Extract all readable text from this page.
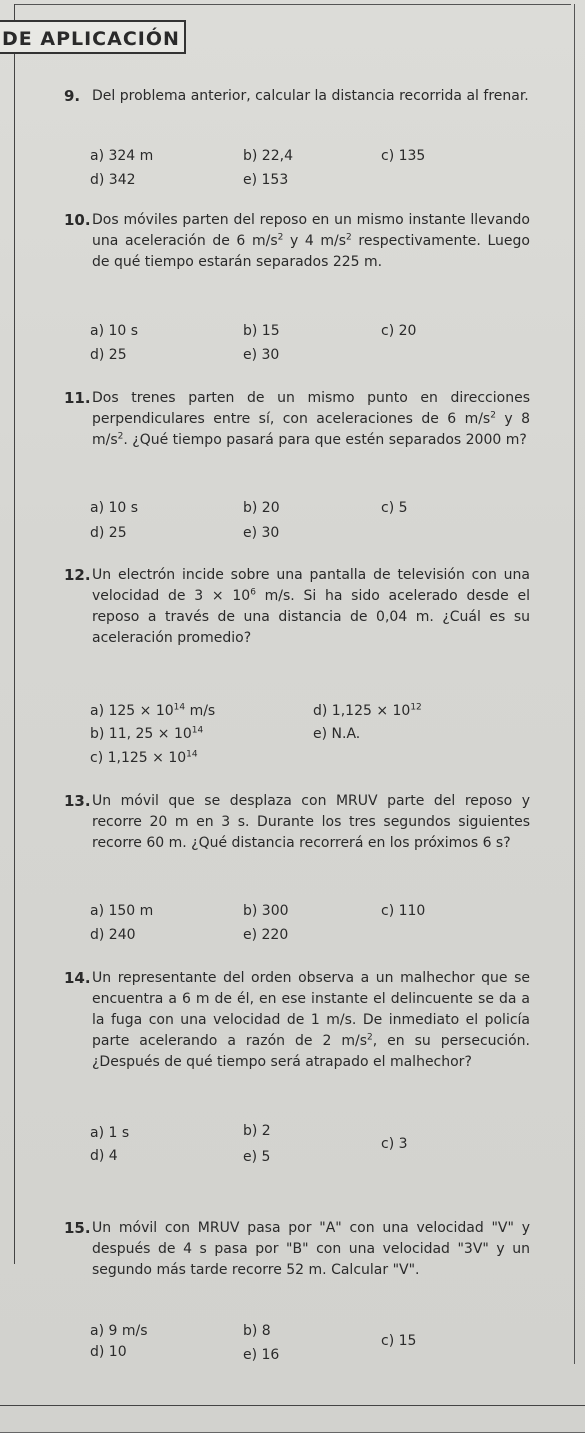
DE APLICACIÓN
9. Del problema anterior, calcular la distancia recorrida al frenar.
a) 324 m	b) 22,4	c) 135
d) 342	e) 153
10. Dos móviles parten del reposo en un mismo instante llevando una aceleración de 6 $m/s^2$ y 4 $m/s^2$ respectivamente. Luego de qué tiempo estarán separados 225 m.
a) 10 s	b) 15	c) 20
d) 25	e) 30
11. Dos trenes parten de un mismo punto en direcciones perpendiculares entre sí, con aceleraciones de 6 $m/s^2$ y 8 $m/s^2$. ¿Qué tiempo pasará para que estén separados 2000 m?
a) 10 s	b) 20	c) 5
d) 25	e) 30
12. Un electrón incide sobre una pantalla de televisión con una velocidad de $3 \times 10^6$ m/s. Si ha sido acelerado desde el reposo a través de una distancia de 0,04 m. ¿Cuál es su aceleración promedio?
a) $125 \times 10^{14}$ m/s	d) $1,125 \times 10^{12}$
b) 11, $25 \times 10^{14}$	e) N.A.
c) $1,125 \times 10^{14}$
13. Un móvil que se desplaza con MRUV parte del reposo y recorre 20 m en 3 s. Durante los tres segundos siguientes recorre 60 m. ¿Qué distancia recorrerá en los próximos 6 s?
a) 150 m	b) 300	c) 110
d) 240	e) 220
14. Un representante del orden observa a un malhechor que se encuentra a 6 m de él, en ese instante el delincuente se da a la fuga con una velocidad de 1 m/s. De inmediato el policía parte acelerando a razón de 2 $m/s^2$, en su persecución. ¿Después de qué tiempo será atrapado el malhechor?
a) 1 s	b) 2
c) 3
d) 4	e) 5
15. Un móvil con MRUV pasa por "A" con una velocidad "V" y después de 4 s pasa por "B" con una velocidad "3V" y un segundo más tarde recorre 52 m. Calcular "V".
a) 9 m/s	b) 8
c) 15
d) 10	e) 16
